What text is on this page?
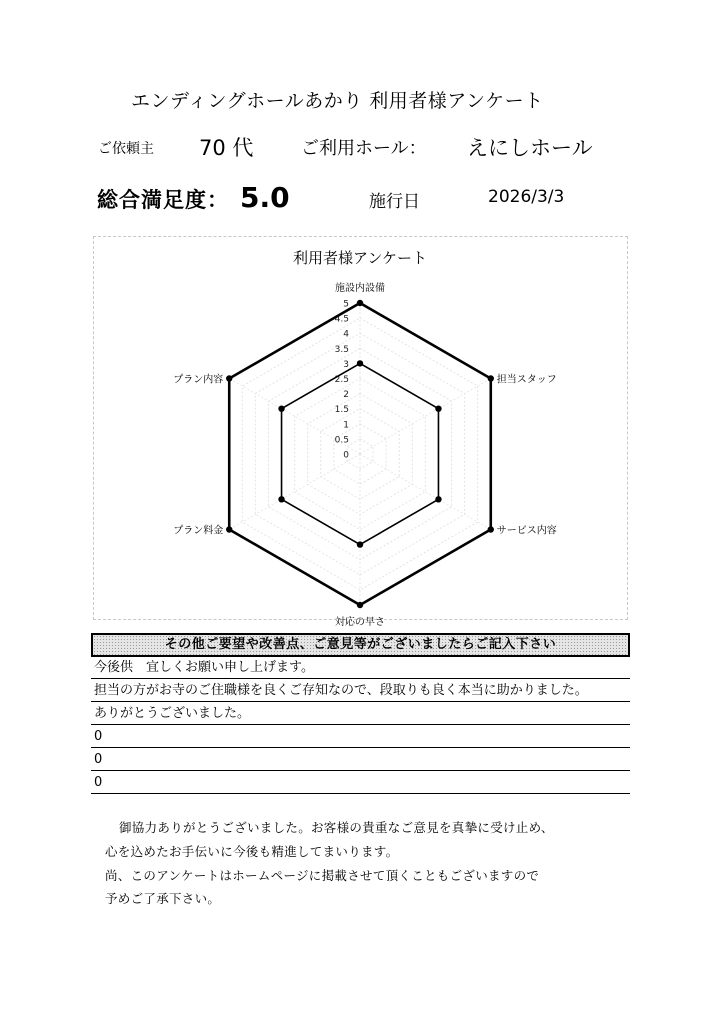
エンディングホールあかり 利用者様アンケート
ご依頼主 70 代	ご利用ホール： えにしホール
総合満足度： 5.0	施行日	2026/3/3
利用者様アンケート
0
0.5
1
1.5
2
2.5
3
3.5
4
4.5
5
施設内設備
担当スタッフ
サービス内容
対応の早さ
プラン料金
プラン内容
その他ご要望や改善点、ご意見等がございましたらご記入下さい
今後供　宜しくお願い申し上げます。
担当の方がお寺のご住職様を良くご存知なので、段取りも良く本当に助かりました。
ありがとうございました。
0
0
0
御協力ありがとうございました。お客様の貴重なご意見を真摯に受け止め、
心を込めたお手伝いに今後も精進してまいります。
尚、このアンケートはホームページに掲載させて頂くこともございますので
予めご了承下さい。
